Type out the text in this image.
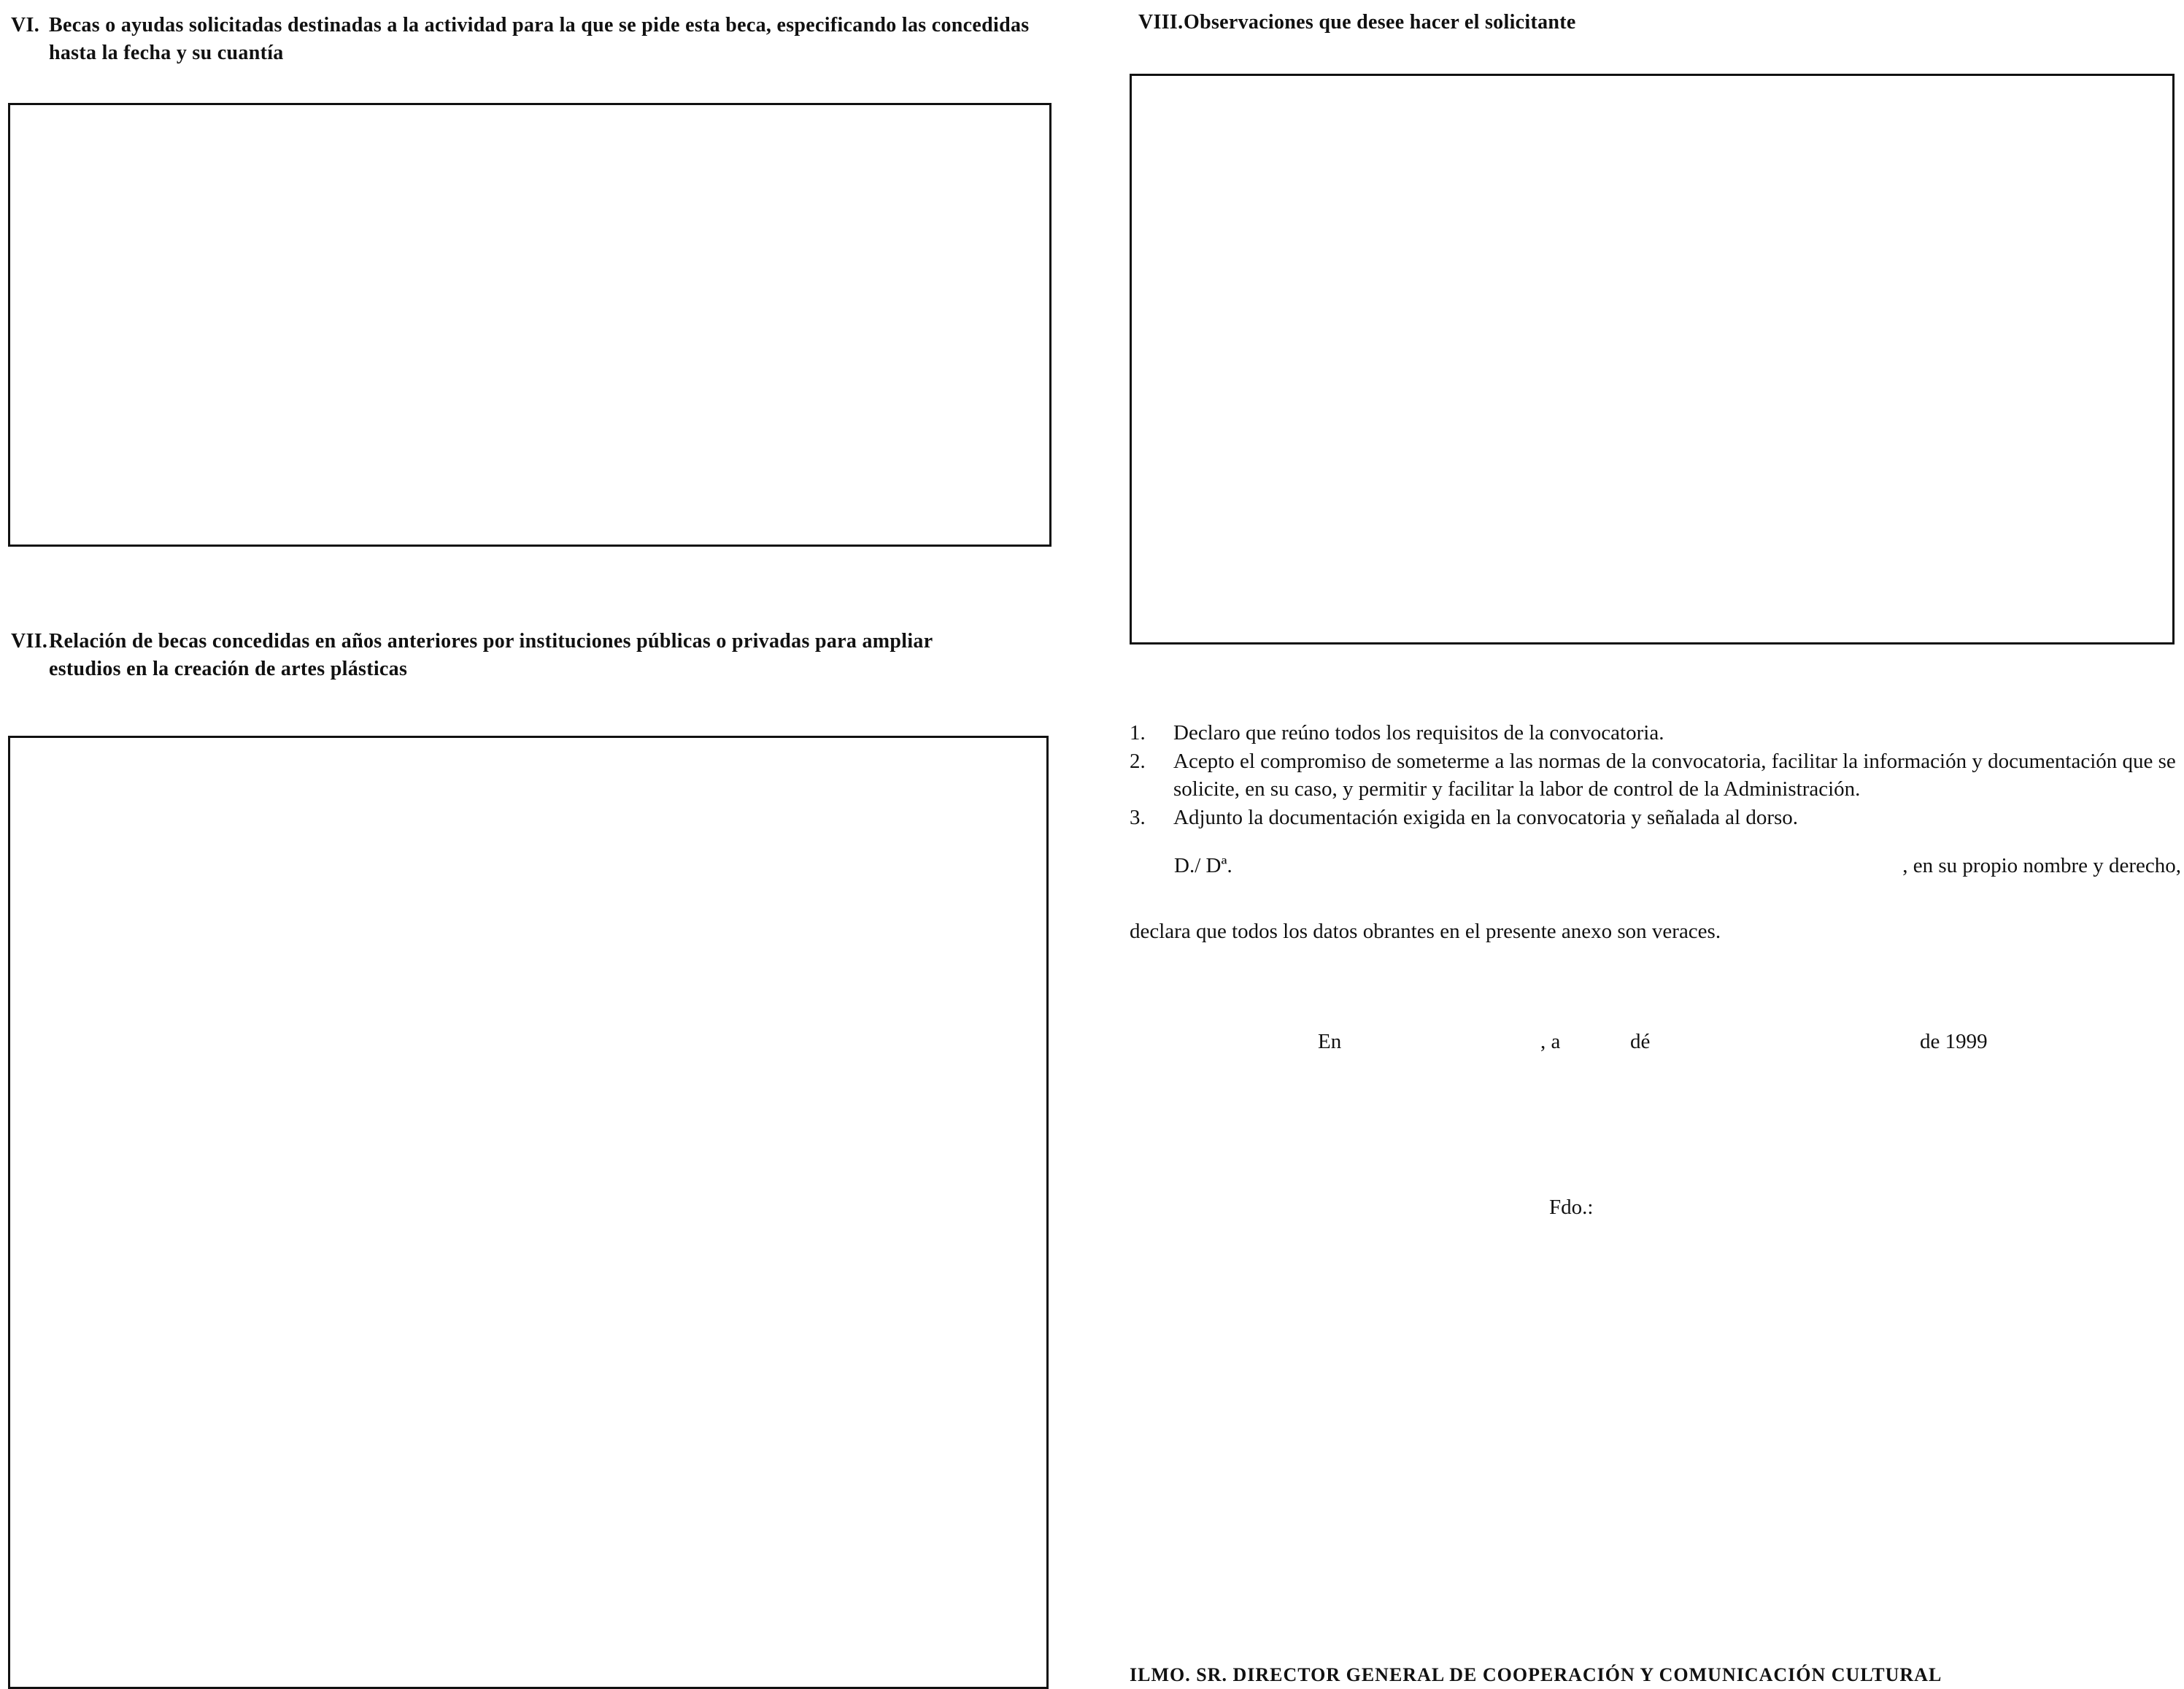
VI. Becas o ayudas solicitadas destinadas a la actividad para la que se pide esta beca, especificando las concedidas hasta la fecha y su cuantía
VII. Relación de becas concedidas en años anteriores por instituciones públicas o privadas para ampliar estudios en la creación de artes plásticas
VIII. Observaciones que desee hacer el solicitante
1.	Declaro que reúno todos los requisitos de la convocatoria.
2.	Acepto el compromiso de someterme a las normas de la convocatoria, facilitar la información y documentación que se solicite, en su caso, y permitir y facilitar la labor de control de la Administración.
3.	Adjunto la documentación exigida en la convocatoria y señalada al dorso.
D./ Dª.	, en su propio nombre y derecho,
declara que todos los datos obrantes en el presente anexo son veraces.
En	, a	dé	de 1999
Fdo.:
ILMO. SR. DIRECTOR GENERAL DE COOPERACIÓN Y COMUNICACIÓN CULTURAL
